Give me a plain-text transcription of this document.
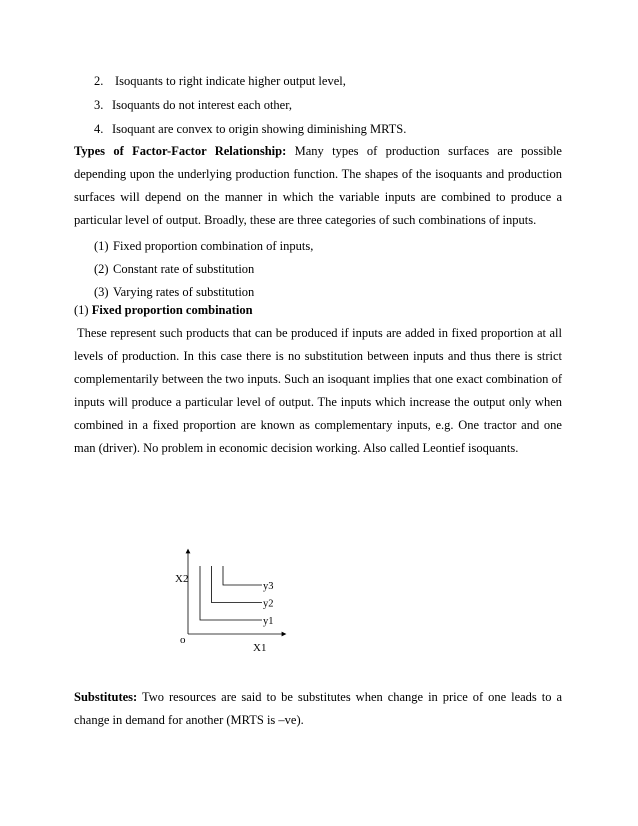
2. Isoquants to right indicate higher output level,
3. Isoquants do not interest each other,
4. Isoquant are convex to origin showing diminishing MRTS.
Types of Factor-Factor Relationship: Many types of production surfaces are possible
depending upon the underlying production function. The shapes of the isoquants and production
surfaces will depend on the manner in which the variable inputs are combined to produce a
particular level of output. Broadly, these are three categories of such combinations of inputs.
(1) Fixed proportion combination of inputs,
(2) Constant rate of substitution
(3) Varying rates of substitution
(1) Fixed proportion combination
These represent such products that can be produced if inputs are added in fixed proportion at all
levels of production. In this case there is no substitution between inputs and thus there is strict
complementarily between the two inputs. Such an isoquant implies that one exact combination of
inputs will produce a particular level of output. The inputs which increase the output only when
combined in a fixed proportion are known as complementary inputs, e.g. One tractor and one
man (driver). No problem in economic decision working. Also called Leontief isoquants.
X2
X1
o
y1
y2
y3
Substitutes: Two resources are said to be substitutes when change in price of one leads to a
change in demand for another (MRTS is –ve).
